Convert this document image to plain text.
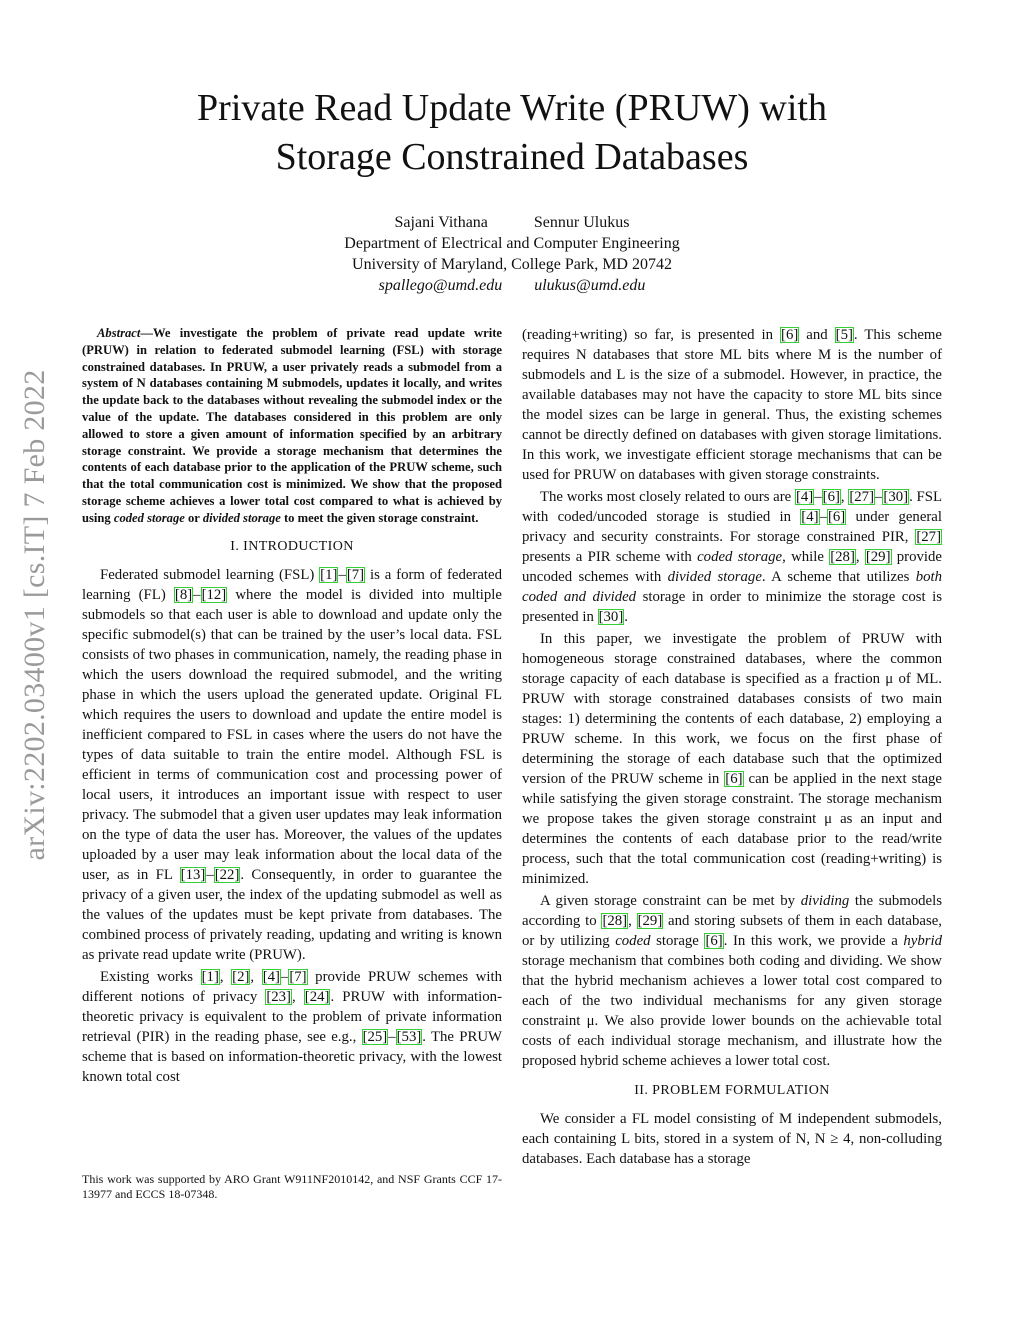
arXiv:2202.03400v1 [cs.IT] 7 Feb 2022
Private Read Update Write (PRUW) with
Storage Constrained Databases
Sajani Vithana	Sennur Ulukus
Department of Electrical and Computer Engineering
University of Maryland, College Park, MD 20742
spallego@umd.edu ulukus@umd.edu

Abstract—We investigate the problem of private read update write (PRUW) in relation to federated submodel learning (FSL) with storage constrained databases. In PRUW, a user privately reads a submodel from a system of N databases containing M submodels, updates it locally, and writes the update back to the databases without revealing the submodel index or the value of the update. The databases considered in this problem are only allowed to store a given amount of information specified by an arbitrary storage constraint. We provide a storage mechanism that determines the contents of each database prior to the application of the PRUW scheme, such that the total communication cost is minimized. We show that the proposed storage scheme achieves a lower total cost compared to what is achieved by using coded storage or divided storage to meet the given storage constraint.

I. INTRODUCTION

Federated submodel learning (FSL) [1]–[7] is a form of federated learning (FL) [8]–[12] where the model is divided into multiple submodels so that each user is able to download and update only the specific submodel(s) that can be trained by the user’s local data. FSL consists of two phases in communication, namely, the reading phase in which the users download the required submodel, and the writing phase in which the users upload the generated update. Original FL which requires the users to download and update the entire model is inefficient compared to FSL in cases where the users do not have the types of data suitable to train the entire model. Although FSL is efficient in terms of communication cost and processing power of local users, it introduces an important issue with respect to user privacy. The submodel that a given user updates may leak information on the type of data the user has. Moreover, the values of the updates uploaded by a user may leak information about the local data of the user, as in FL [13]–[22]. Consequently, in order to guarantee the privacy of a given user, the index of the updating submodel as well as the values of the updates must be kept private from databases. The combined process of privately reading, updating and writing is known as private read update write (PRUW).

Existing works [1], [2], [4]–[7] provide PRUW schemes with different notions of privacy [23], [24]. PRUW with information-theoretic privacy is equivalent to the problem of private information retrieval (PIR) in the reading phase, see e.g., [25]–[53]. The PRUW scheme that is based on information-theoretic privacy, with the lowest known total cost

This work was supported by ARO Grant W911NF2010142, and NSF Grants CCF 17-13977 and ECCS 18-07348.

(reading+writing) so far, is presented in [6] and [5]. This scheme requires N databases that store ML bits where M is the number of submodels and L is the size of a submodel. However, in practice, the available databases may not have the capacity to store ML bits since the model sizes can be large in general. Thus, the existing schemes cannot be directly defined on databases with given storage limitations. In this work, we investigate efficient storage mechanisms that can be used for PRUW on databases with given storage constraints.

The works most closely related to ours are [4]–[6], [27]–[30]. FSL with coded/uncoded storage is studied in [4]–[6] under general privacy and security constraints. For storage constrained PIR, [27] presents a PIR scheme with coded storage, while [28], [29] provide uncoded schemes with divided storage. A scheme that utilizes both coded and divided storage in order to minimize the storage cost is presented in [30].

In this paper, we investigate the problem of PRUW with homogeneous storage constrained databases, where the common storage capacity of each database is specified as a fraction μ of ML. PRUW with storage constrained databases consists of two main stages: 1) determining the contents of each database, 2) employing a PRUW scheme. In this work, we focus on the first phase of determining the storage of each database such that the optimized version of the PRUW scheme in [6] can be applied in the next stage while satisfying the given storage constraint. The storage mechanism we propose takes the given storage constraint μ as an input and determines the contents of each database prior to the read/write process, such that the total communication cost (reading+writing) is minimized.

A given storage constraint can be met by dividing the submodels according to [28], [29] and storing subsets of them in each database, or by utilizing coded storage [6]. In this work, we provide a hybrid storage mechanism that combines both coding and dividing. We show that the hybrid mechanism achieves a lower total cost compared to each of the two individual mechanisms for any given storage constraint μ. We also provide lower bounds on the achievable total costs of each individual storage mechanism, and illustrate how the proposed hybrid scheme achieves a lower total cost.

II. PROBLEM FORMULATION

We consider a FL model consisting of M independent submodels, each containing L bits, stored in a system of N, N ≥ 4, non-colluding databases. Each database has a storage
